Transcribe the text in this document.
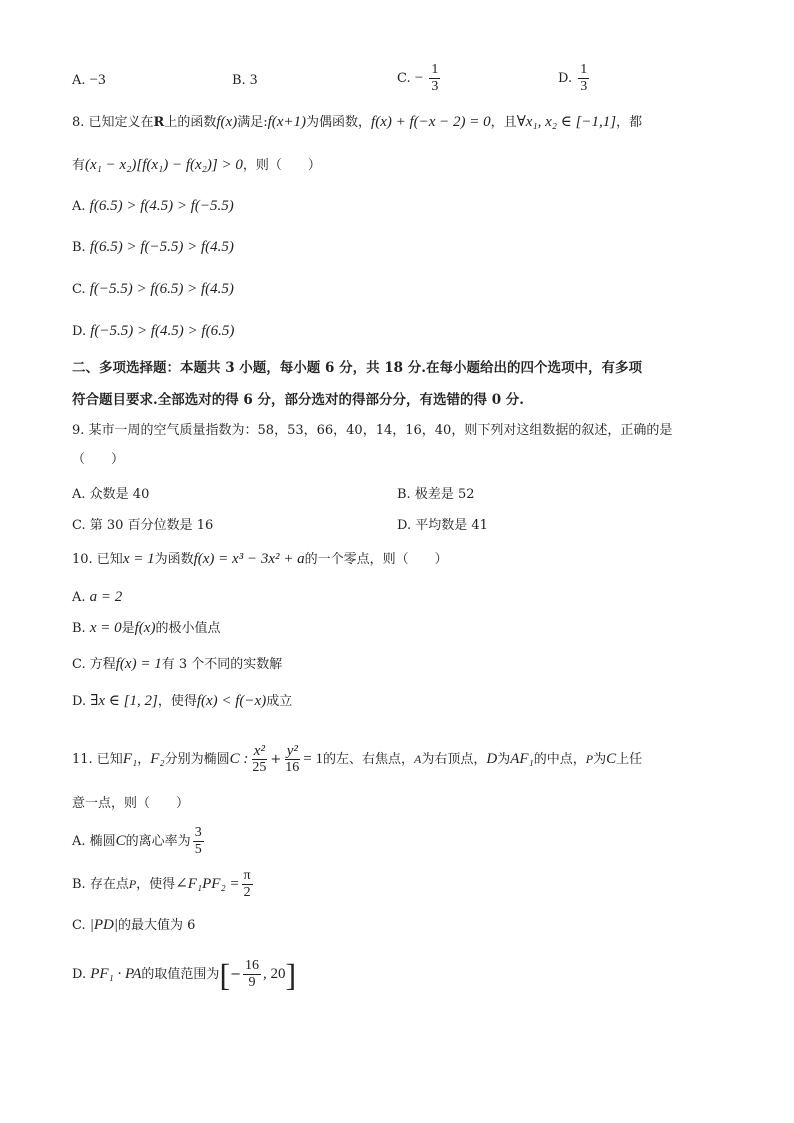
A. −3	B. 3	C. − $\frac{1}{3}$	D. $\frac{1}{3}$
8. 已知定义在R上的函数f(x)满足:f(x+1)为偶函数，f(x) + f(−x − 2) = 0，且∀x₁, x₂ ∈ [−1,1]，都
有(x₁ − x₂)[f(x₁) − f(x₂)] > 0，则（　　）
A. f(6.5) > f(4.5) > f(−5.5)
B. f(6.5) > f(−5.5) > f(4.5)
C. f(−5.5) > f(6.5) > f(4.5)
D. f(−5.5) > f(4.5) > f(6.5)
二、多项选择题：本题共 3 小题，每小题 6 分，共 18 分.在每小题给出的四个选项中，有多项
符合题目要求.全部选对的得 6 分，部分选对的得部分分，有选错的得 0 分.
9. 某市一周的空气质量指数为：58，53，66，40，14，16，40，则下列对这组数据的叙述，正确的是
（　　）
A. 众数是 40	B. 极差是 52
C. 第 30 百分位数是 16	D. 平均数是 41
10. 已知x = 1为函数f(x) = x³ − 3x² + a的一个零点，则（　　）
A. a = 2
B. x = 0是f(x)的极小值点
C. 方程f(x) = 1有 3 个不同的实数解
D. ∃x ∈ [1, 2]，使得f(x) < f(−x)成立
11. 已知F₁，F₂分别为椭圆C : $\frac{\text{x²}}{25} + \frac{\text{y²}}{16} = 1$的左、右焦点，A为右顶点，D为AF₁的中点，P为C上任
意一点，则（　　）
A. 椭圆C的离心率为 $\frac{3}{5}$
B. 存在点P，使得∠F₁PF₂ = $\frac{\pi}{2}$
C. |PD|的最大值为 6
D. PF₁ · PA的取值范围为[− $\frac{16}{9}$ , 20]
